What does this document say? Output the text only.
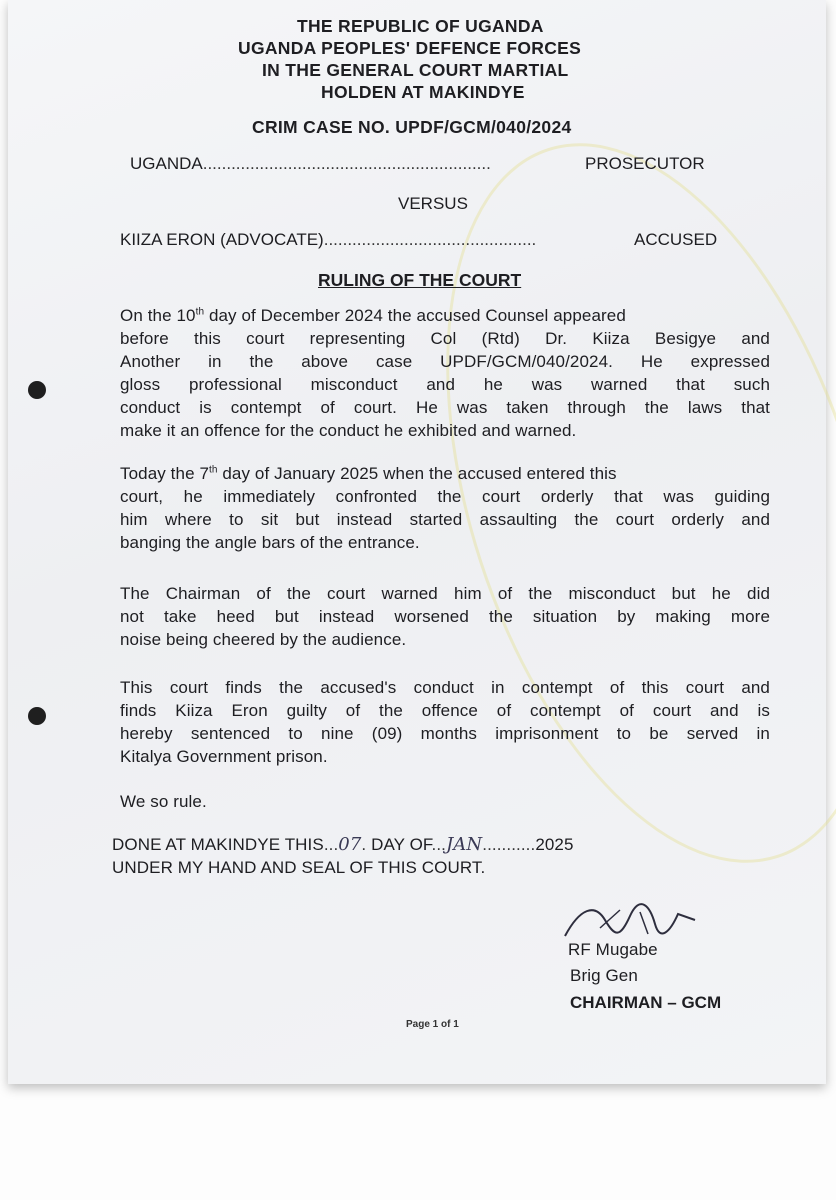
THE REPUBLIC OF UGANDA
UGANDA PEOPLES' DEFENCE FORCES
IN THE GENERAL COURT MARTIAL
HOLDEN AT MAKINDYE
CRIM CASE NO. UPDF/GCM/040/2024
UGANDA.............................................................	PROSECUTOR
VERSUS
KIIZA ERON (ADVOCATE).............................................	ACCUSED
RULING OF THE COURT
On the 10th day of December 2024 the accused Counsel appeared
before this court representing Col (Rtd) Dr. Kiiza Besigye and
Another in the above case UPDF/GCM/040/2024. He expressed
gloss professional misconduct and he was warned that such
conduct is contempt of court. He was taken through the laws that
make it an offence for the conduct he exhibited and warned.
Today the 7th day of January 2025 when the accused entered this
court, he immediately confronted the court orderly that was guiding
him where to sit but instead started assaulting the court orderly and
banging the angle bars of the entrance.
The Chairman of the court warned him of the misconduct but he did
not take heed but instead worsened the situation by making more
noise being cheered by the audience.
This court finds the accused's conduct in contempt of this court and
finds Kiiza Eron guilty of the offence of contempt of court and is
hereby sentenced to nine (09) months imprisonment to be served in
Kitalya Government prison.
We so rule.
DONE AT MAKINDYE THIS...07. DAY OF...JAN...........2025
UNDER MY HAND AND SEAL OF THIS COURT.
RF Mugabe
Brig Gen
CHAIRMAN – GCM
Page 1 of 1
